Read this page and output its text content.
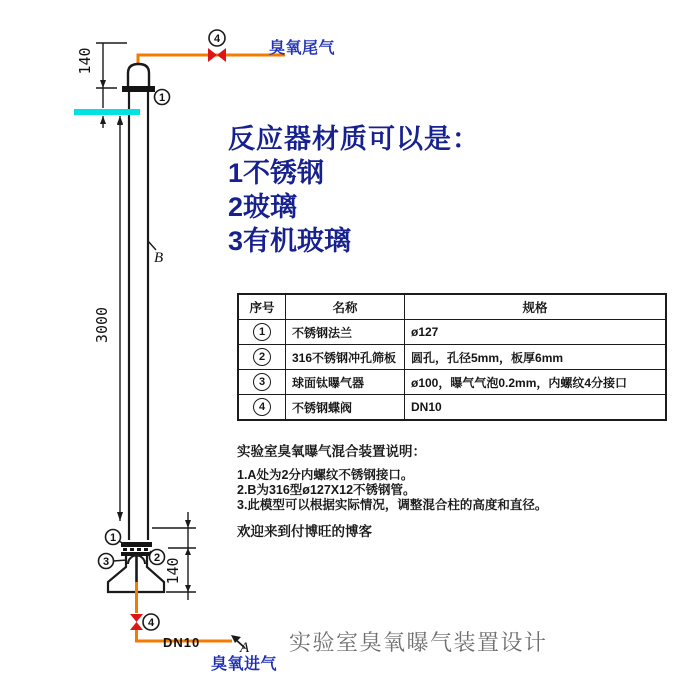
140
3000
1
4
B
1
2
3	140
4
A
臭氧尾气
反应器材质可以是：
1不锈钢
2玻璃
3有机玻璃
序号	名称	规格
1	不锈钢法兰	ø127
2	316不锈钢冲孔筛板	圆孔，孔径5mm，板厚6mm
3	球面钛曝气器	ø100，曝气气泡0.2mm，内螺纹4分接口
4	不锈钢蝶阀	DN10
实验室臭氧曝气混合装置说明：
1.A处为2分内螺纹不锈钢接口。
2.B为316型ø127X12不锈钢管。
3.此模型可以根据实际情况，调整混合柱的高度和直径。
欢迎来到付博旺的博客
DN10
臭氧进气
实验室臭氧曝气装置设计
